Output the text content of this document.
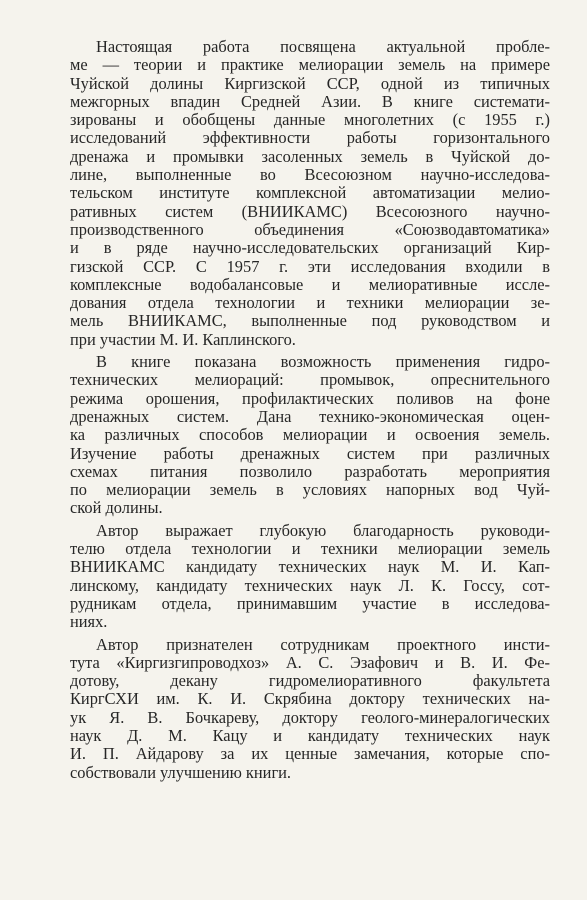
Настоящая работа посвящена актуальной пробле-
ме — теории и практике мелиорации земель на примере
Чуйской долины Киргизской ССР, одной из типичных
межгорных впадин Средней Азии. В книге системати-
зированы и обобщены данные многолетних (с 1955 г.)
исследований эффективности работы горизонтального
дренажа и промывки засоленных земель в Чуйской до-
лине, выполненные во Всесоюзном научно-исследова-
тельском институте комплексной автоматизации мелио-
ративных систем (ВНИИКАМС) Всесоюзного научно-
производственного объединения «Союзводавтоматика»
и в ряде научно-исследовательских организаций Кир-
гизской ССР. С 1957 г. эти исследования входили в
комплексные водобалансовые и мелиоративные иссле-
дования отдела технологии и техники мелиорации зе-
мель ВНИИКАМС, выполненные под руководством и
при участии М. И. Каплинского.
В книге показана возможность применения гидро-
технических мелиораций: промывок, опреснительного
режима орошения, профилактических поливов на фоне
дренажных систем. Дана технико-экономическая оцен-
ка различных способов мелиорации и освоения земель.
Изучение работы дренажных систем при различных
схемах питания позволило разработать мероприятия
по мелиорации земель в условиях напорных вод Чуй-
ской долины.
Автор выражает глубокую благодарность руководи-
телю отдела технологии и техники мелиорации земель
ВНИИКАМС кандидату технических наук М. И. Кап-
линскому, кандидату технических наук Л. К. Госсу, сот-
рудникам отдела, принимавшим участие в исследова-
ниях.
Автор признателен сотрудникам проектного инсти-
тута «Киргизгипроводхоз» А. С. Эзафович и В. И. Фе-
дотову, декану гидромелиоративного факультета
КиргСХИ им. К. И. Скрябина доктору технических на-
ук Я. В. Бочкареву, доктору геолого-минералогических
наук Д. М. Кацу и кандидату технических наук
И. П. Айдарову за их ценные замечания, которые спо-
собствовали улучшению книги.
